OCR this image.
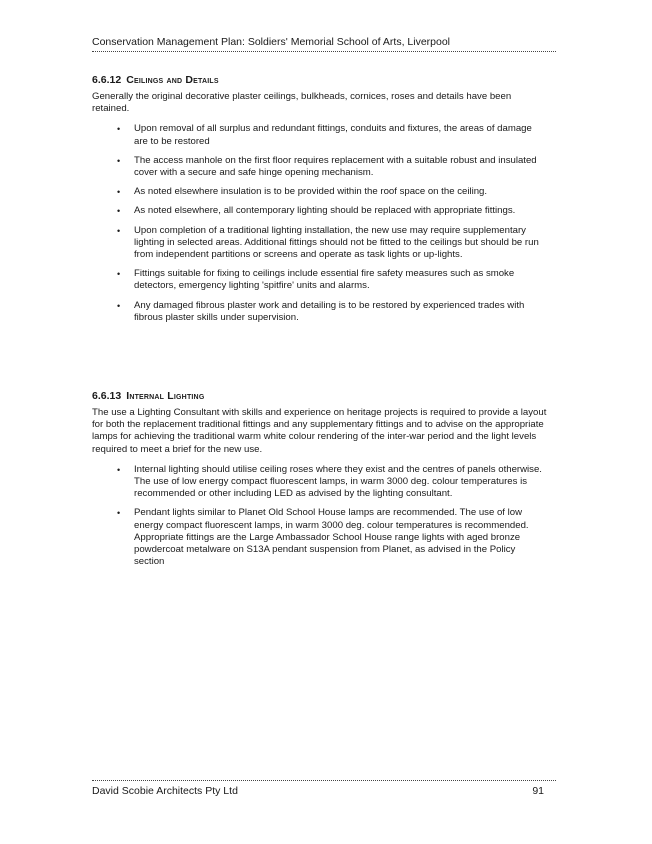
Conservation Management Plan: Soldiers' Memorial School of Arts, Liverpool
6.6.12 Ceilings and Details

Generally the original decorative plaster ceilings, bulkheads, cornices, roses and details have been retained.

• Upon removal of all surplus and redundant fittings, conduits and fixtures, the areas of damage are to be restored
• The access manhole on the first floor requires replacement with a suitable robust and insulated cover with a secure and safe hinge opening mechanism.
• As noted elsewhere insulation is to be provided within the roof space on the ceiling.
• As noted elsewhere, all contemporary lighting should be replaced with appropriate fittings.
• Upon completion of a traditional lighting installation, the new use may require supplementary lighting in selected areas. Additional fittings should not be fitted to the ceilings but should be run from independent partitions or screens and operate as task lights or up-lights.
• Fittings suitable for fixing to ceilings include essential fire safety measures such as smoke detectors, emergency lighting 'spitfire' units and alarms.
• Any damaged fibrous plaster work and detailing is to be restored by experienced trades with fibrous plaster skills under supervision.
6.6.13 Internal Lighting

The use a Lighting Consultant with skills and experience on heritage projects is required to provide a layout for both the replacement traditional fittings and any supplementary fittings and to advise on the appropriate lamps for achieving the traditional warm white colour rendering of the inter-war period and the light levels required to meet a brief for the new use.

• Internal lighting should utilise ceiling roses where they exist and the centres of panels otherwise. The use of low energy compact fluorescent lamps, in warm 3000 deg. colour temperatures is recommended or other including LED as advised by the lighting consultant.
• Pendant lights similar to Planet Old School House lamps are recommended. The use of low energy compact fluorescent lamps, in warm 3000 deg. colour temperatures is recommended. Appropriate fittings are the Large Ambassador School House range lights with aged bronze powdercoat metalware on S13A pendant suspension from Planet, as advised in the Policy section
David Scobie Architects Pty Ltd	91
